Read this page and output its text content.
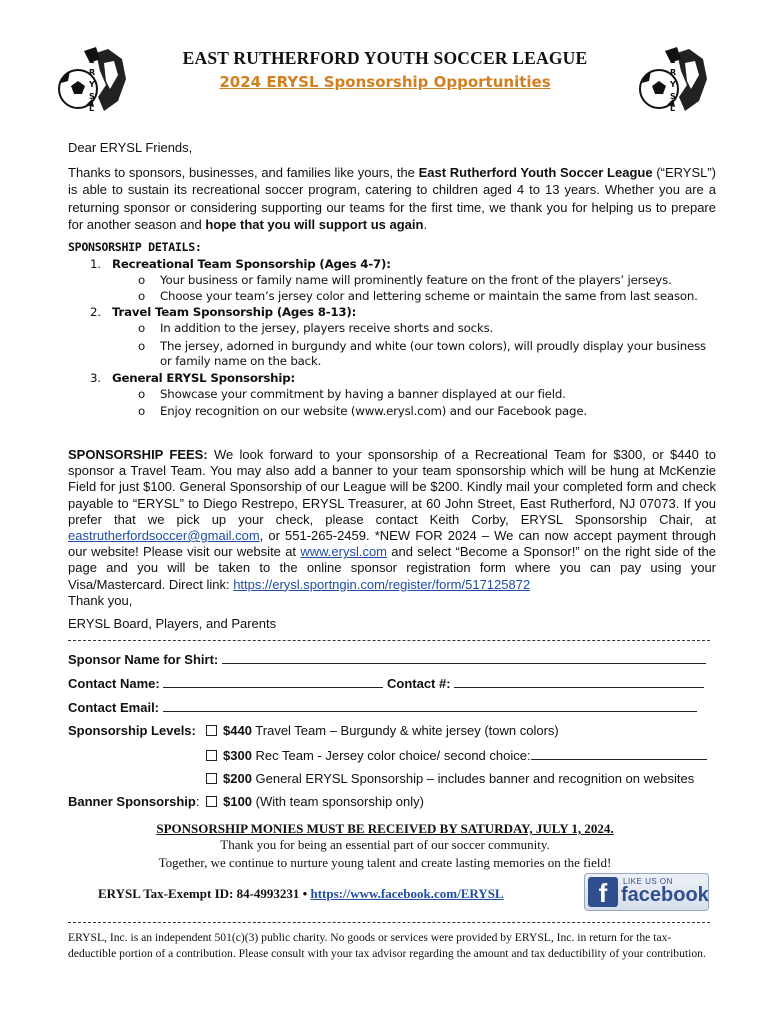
E
R
Y
S
L
E
R
Y
S
L
EAST RUTHERFORD YOUTH SOCCER LEAGUE
2024 ERYSL Sponsorship Opportunities
Dear ERYSL Friends,
Thanks to sponsors, businesses, and families like yours, the East Rutherford Youth Soccer League (“ERYSL”) is able to sustain its recreational soccer program, catering to children aged 4 to 13 years. Whether you are a returning sponsor or considering supporting our teams for the first time, we thank you for helping us to prepare for another season and hope that you will support us again.
SPONSORSHIP DETAILS:
1. Recreational Team Sponsorship (Ages 4-7):
o Your business or family name will prominently feature on the front of the players’ jerseys.
o Choose your team’s jersey color and lettering scheme or maintain the same from last season.
2. Travel Team Sponsorship (Ages 8-13):
o In addition to the jersey, players receive shorts and socks.
o The jersey, adorned in burgundy and white (our town colors), will proudly display your business or family name on the back.
3. General ERYSL Sponsorship:
o Showcase your commitment by having a banner displayed at our field.
o Enjoy recognition on our website (www.erysl.com) and our Facebook page.
SPONSORSHIP FEES: We look forward to your sponsorship of a Recreational Team for $300, or $440 to sponsor a Travel Team. You may also add a banner to your team sponsorship which will be hung at McKenzie Field for just $100. General Sponsorship of our League will be $200. Kindly mail your completed form and check payable to “ERYSL” to Diego Restrepo, ERYSL Treasurer, at 60 John Street, East Rutherford, NJ 07073. If you prefer that we pick up your check, please contact Keith Corby, ERYSL Sponsorship Chair, at eastrutherfordsoccer@gmail.com, or 551-265-2459. *NEW FOR 2024 – We can now accept payment through our website! Please visit our website at www.erysl.com and select “Become a Sponsor!” on the right side of the page and you will be taken to the online sponsor registration form where you can pay using your Visa/Mastercard. Direct link: https://erysl.sportngin.com/register/form/517125872
Thank you,
ERYSL Board, Players, and Parents
Sponsor Name for Shirt:
Contact Name:	Contact #:
Contact Email:
Sponsorship Levels:	$440 Travel Team – Burgundy & white jersey (town colors)
$300 Rec Team - Jersey color choice/ second choice:
$200 General ERYSL Sponsorship – includes banner and recognition on websites
Banner Sponsorship: $100 (With team sponsorship only)
SPONSORSHIP MONIES MUST BE RECEIVED BY SATURDAY, JULY 1, 2024.
Thank you for being an essential part of our soccer community.
Together, we continue to nurture young talent and create lasting memories on the field!
ERYSL Tax-Exempt ID: 84-4993231 • https://www.facebook.com/ERYSL	f	LIKE US ON
facebook
ERYSL, Inc. is an independent 501(c)(3) public charity. No goods or services were provided by ERYSL, Inc. in return for the tax-deductible portion of a contribution. Please consult with your tax advisor regarding the amount and tax deductibility of your contribution.
